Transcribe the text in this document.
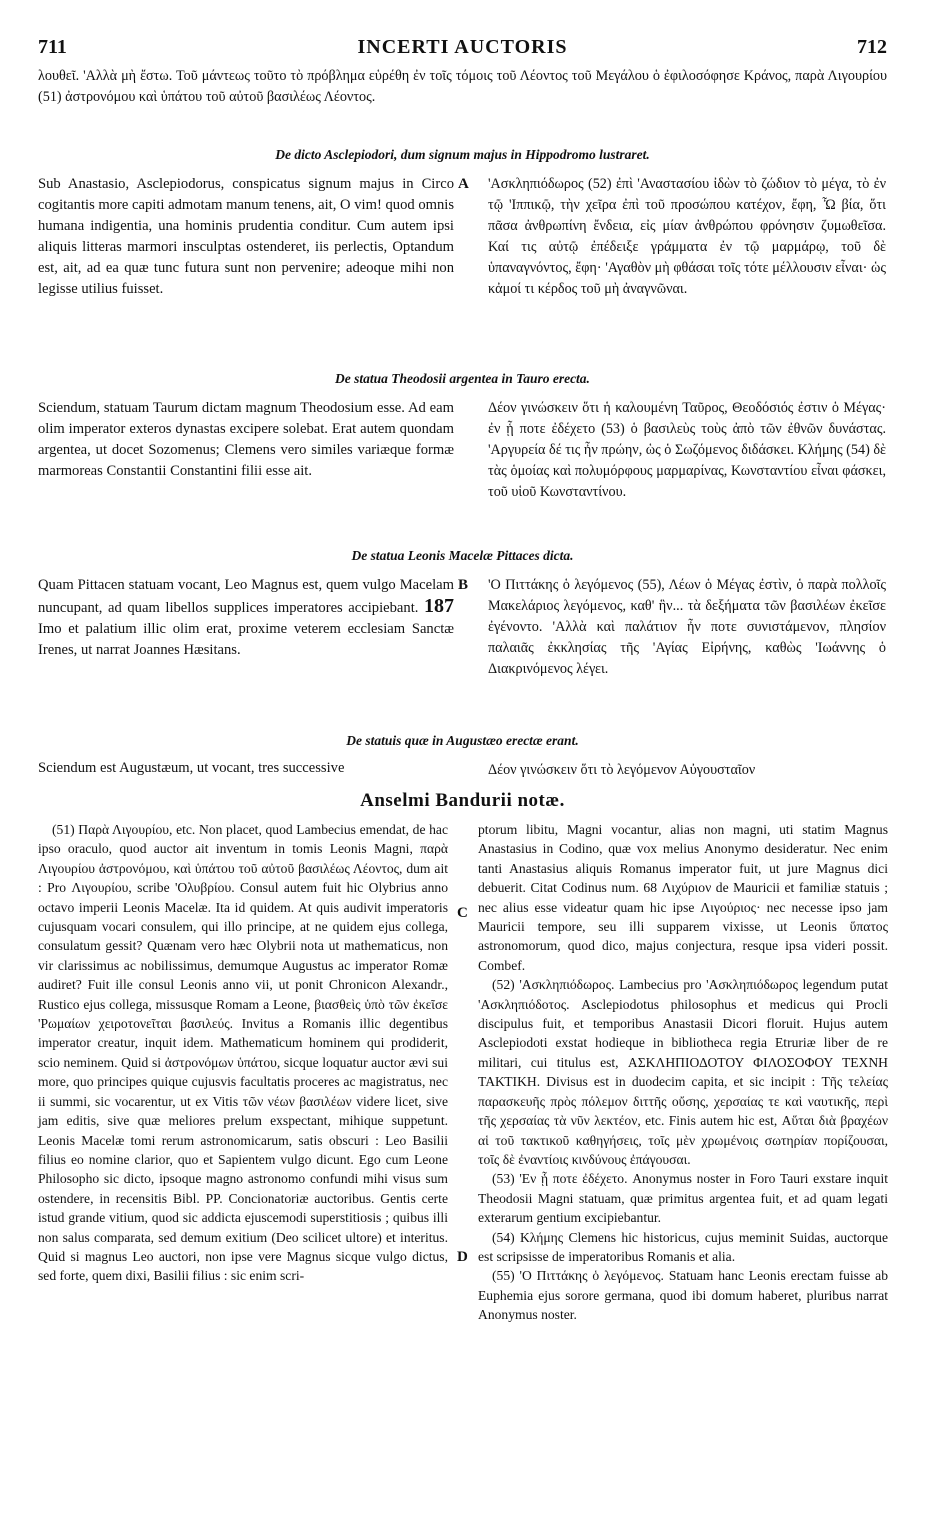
711	INCERTI AUCTORIS	712
λουθεῖ. 'Αλλὰ μὴ ἔστω. Τοῦ μάντεως τοῦτο τὸ πρόβλημα εὑρέθη ἐν τοῖς τόμοις τοῦ Λέοντος τοῦ Μεγάλου ὁ ἐφιλοσόφησε Κράνος, παρὰ Λιγουρίου (51) ἀστρονόμου καὶ ὑπάτου τοῦ αὐτοῦ βασιλέως Λέοντος.
De dicto Asclepiodori, dum signum majus in Hippodromo lustraret.
Sub Anastasio, Asclepiodorus, conspicatus signum majus in Circo cogitantis more capiti admotam manum tenens, ait, O vim! quod omnis humana indigentia, una hominis prudentia conditur. Cum autem ipsi aliquis litteras marmori insculptas ostenderet, iis perlectis, Optandum est, ait, ad ea quæ tunc futura sunt non pervenire; adeoque mihi non legisse utilius fuisset.
A 'Ασκληπιόδωρος (52) ἐπὶ 'Αναστασίου ἰδὼν τὸ ζώδιον τὸ μέγα, τὸ ἐν τῷ 'Ιππικῷ, τὴν χεῖρα ἐπὶ τοῦ προσώπου κατέχον, ἔφη, Ὦ βία, ὅτι πᾶσα ἀνθρωπίνη ἔνδεια, εἰς μίαν ἀνθρώπου φρόνησιν ζυμωθεῖσα. Καί τις αὐτῷ ἐπέδειξε γράμματα ἐν τῷ μαρμάρῳ, τοῦ δὲ ὑπαναγνόντος, ἔφη· 'Αγαθὸν μὴ φθάσαι τοῖς τότε μέλλουσιν εἶναι· ὡς κἀμοί τι κέρδος τοῦ μὴ ἀναγνῶναι.
De statua Theodosii argentea in Tauro erecta.
Sciendum, statuam Taurum dictam magnum Theodosium esse. Ad eam olim imperator exteros dynastas excipere solebat. Erat autem quondam argentea, ut docet Sozomenus; Clemens vero similes variæque formæ marmoreas Constantii Constantini filii esse ait.
Δέον γινώσκειν ὅτι ἡ καλουμένη Ταῦρος, Θεοδόσιός ἐστιν ὁ Μέγας· ἐν ᾗ ποτε ἐδέχετο (53) ὁ βασιλεὺς τοὺς ἀπὸ τῶν ἐθνῶν δυνάστας. 'Αργυρεία δέ τις ἦν πρώην, ὡς ὁ Σωζόμενος διδάσκει. Κλήμης (54) δὲ τὰς ὁμοίας καὶ πολυμόρφους μαρμαρίνας, Κωνσταντίου εἶναι φάσκει, τοῦ υἱοῦ Κωνσταντίνου.
De statua Leonis Macelæ Pittaces dicta.
Quam Pittacen statuam vocant, Leo Magnus est, quem vulgo Macelam nuncupant, ad quam libellos supplices imperatores accipiebant. 187 Imo et palatium illic olim erat, proxime veterem ecclesiam Sanctæ Irenes, ut narrat Joannes Hæsitans.
B 'Ο Πιττάκης ὁ λεγόμενος (55), Λέων ὁ Μέγας ἐστὶν, ὁ παρὰ πολλοῖς Μακελάριος λεγόμενος, καθ' ἣν... τὰ δεξήματα τῶν βασιλέων ἐκεῖσε ἐγένοντο. 'Αλλὰ καὶ παλάτιον ἦν ποτε συνιστάμενον, πλησίον παλαιᾶς ἐκκλησίας τῆς 'Αγίας Εἰρήνης, καθὼς 'Ιωάννης ὁ Διακρινόμενος λέγει.
De statuis quæ in Augustæo erectæ erant.
Sciendum est Augustæum, ut vocant, tres successive	Δέον γινώσκειν ὅτι τὸ λεγόμενον Αὐγουσταῖον
Anselmi Bandurii notæ.

(51) Παρὰ Λιγουρίου, etc. Non placet, quod Lambecius emendat, de hac ipso oraculo, quod auctor ait inventum in tomis Leonis Magni, παρὰ Λιγουρίου ἀστρονόμου, καὶ ὑπάτου τοῦ αὐτοῦ βασιλέως Λέοντος, dum ait : Pro Λιγουρίου, scribe 'Ολυβρίου. Consul autem fuit hic Olybrius anno octavo imperii Leonis Macelæ. Ita id quidem. At quis audivit imperatoris cujusquam vocari consulem, qui illo principe, at ne quidem ejus collega, consulatum gessit? Quænam vero hæc Olybrii nota ut mathematicus, non vir clarissimus ac nobilissimus, demumque Augustus ac imperator Romæ audiret? Fuit ille consul Leonis anno vii, ut ponit Chronicon Alexandr., Rustico ejus collega, missusque Romam a Leone, βιασθεὶς ὑπὸ τῶν ἐκεῖσε 'Ρωμαίων χειροτονεῖται βασιλεύς. Invitus a Romanis illic degentibus imperator creatur, inquit idem. Mathematicum hominem qui prodiderit, scio neminem. Quid si ἀστρονόμων ὑπάτου, sicque loquatur auctor ævi sui more, quo principes quique cujusvis facultatis proceres ac magistratus, nec ii summi, sic vocarentur, ut ex Vitis τῶν νέων βασιλέων videre licet, sive jam editis, sive quæ meliores prelum exspectant, mihique suppetunt. Leonis Macelæ tomi rerum astronomicarum, satis obscuri : Leo Basilii filius eo nomine clarior, quo et Sapientem vulgo dicunt. Ego cum Leone Philosopho sic dicto, ipsoque magno astronomo confundi mihi visus sum ostendere, in recensitis Bibl. PP. Concionatoriæ auctoribus. Gentis certe istud grande vitium, quod sic addicta ejuscemodi superstitiosis ; quibus illi non salus comparata, sed demum exitium (Deo scilicet ultore) et interitus. Quid si magnus Leo auctori, non ipse vere Magnus sicque vulgo dictus, sed forte, quem dixi, Basilii filius : sic enim scri-

C
D

ptorum libitu, Magni vocantur, alias non magni, uti statim Magnus Anastasius in Codino, quæ vox melius Anonymo desideratur. Nec enim tanti Anastasius aliquis Romanus imperator fuit, ut jure Magnus dici debuerit. Citat Codinus num. 68 Λιχύριον de Mauricii et familiæ statuis ; nec alius esse videatur quam hic ipse Λιγούριος· nec necesse ipso jam Mauricii tempore, seu illi supparem vixisse, ut Leonis ὕπατος astronomorum, quod dico, majus conjectura, resque ipsa videri possit. Combef.

(52) 'Ασκληπιόδωρος. Lambecius pro 'Ασκληπιόδωρος legendum putat 'Ασκληπιόδοτος. Asclepiodotus philosophus et medicus qui Procli discipulus fuit, et temporibus Anastasii Dicori floruit. Hujus autem Asclepiodoti exstat hodieque in bibliotheca regia Etruriæ liber de re militari, cui titulus est, ΑΣΚΛΗΠΙΟΔΟΤΟΥ ΦΙΛΟΣΟΦΟΥ ΤΕΧΝΗ ΤΑΚΤΙΚΗ. Divisus est in duodecim capita, et sic incipit : Τῆς τελείας παρασκευῆς πρὸς πόλεμον διττῆς οὔσης, χερσαίας τε καὶ ναυτικῆς, περὶ τῆς χερσαίας τὰ νῦν λεκτέον, etc. Finis autem hic est, Αὕται διὰ βραχέων αἱ τοῦ τακτικοῦ καθηγήσεις, τοῖς μὲν χρωμένοις σωτηρίαν πορίζουσαι, τοῖς δὲ ἐναντίοις κινδύνους ἐπάγουσαι.

(53) 'Εν ᾗ ποτε ἐδέχετο. Anonymus noster in Foro Tauri exstare inquit Theodosii Magni statuam, quæ primitus argentea fuit, et ad quam legati exterarum gentium excipiebantur.

(54) Κλήμης Clemens hic historicus, cujus meminit Suidas, auctorque est scripsisse de imperatoribus Romanis et alia.

(55) 'Ο Πιττάκης ὁ λεγόμενος. Statuam hanc Leonis erectam fuisse ab Euphemia ejus sorore germana, quod ibi domum haberet, pluribus narrat Anonymus noster.
